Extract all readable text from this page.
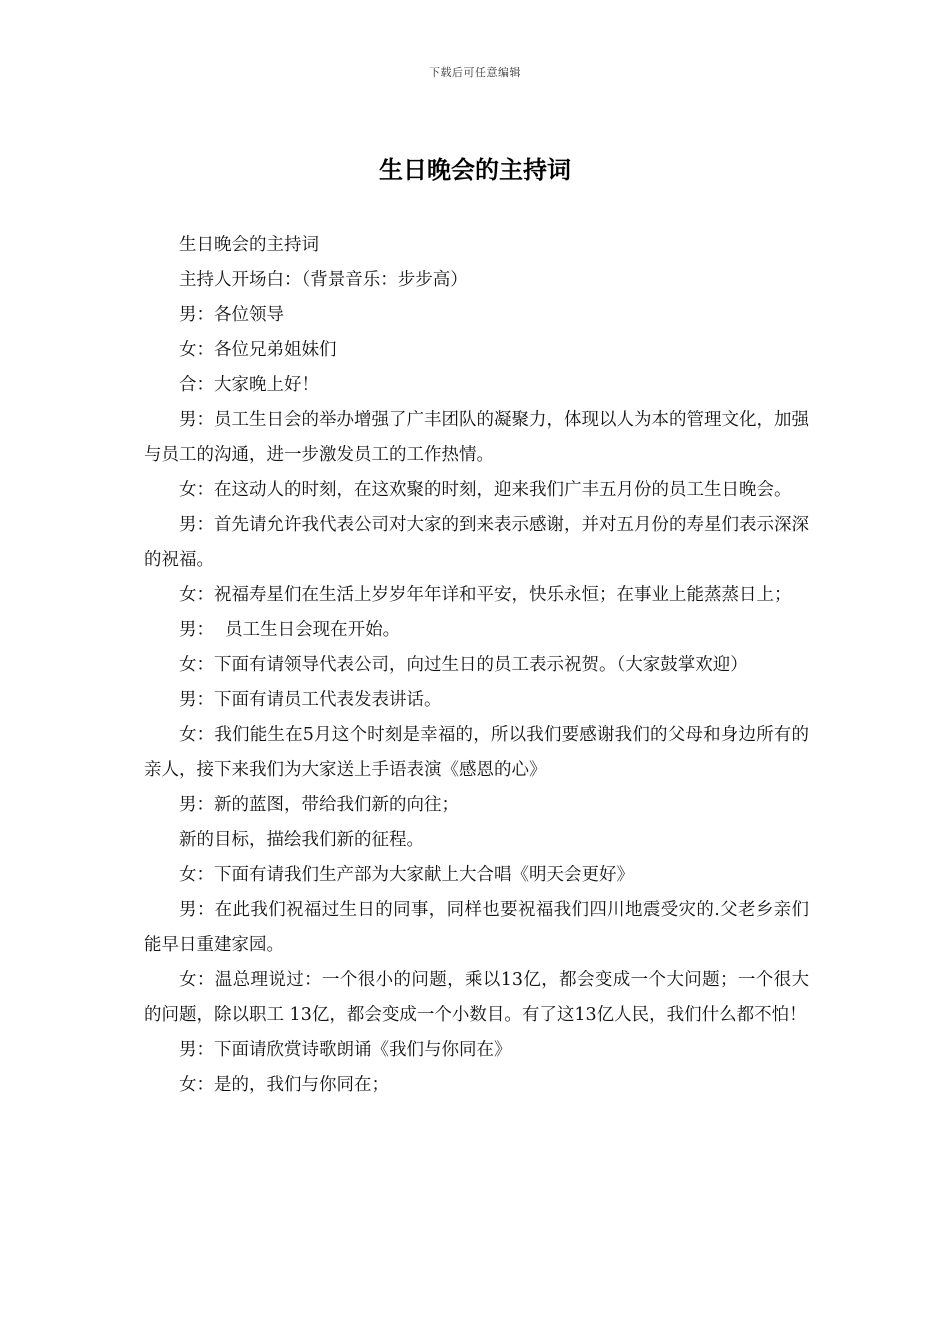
下载后可任意编辑
生日晚会的主持词

生日晚会的主持词

主持人开场白：（背景音乐：步步高）

男：各位领导

女：各位兄弟姐妹们

合：大家晚上好！

男：员工生日会的举办增强了广丰团队的凝聚力，体现以人为本的管理文化，加强与员工的沟通，进一步激发员工的工作热情。

女：在这动人的时刻，在这欢聚的时刻，迎来我们广丰五月份的员工生日晚会。

男：首先请允许我代表公司对大家的到来表示感谢，并对五月份的寿星们表示深深的祝福。

女：祝福寿星们在生活上岁岁年年详和平安，快乐永恒；在事业上能蒸蒸日上；

男：  员工生日会现在开始。

女：下面有请领导代表公司，向过生日的员工表示祝贺。（大家鼓掌欢迎）

男：下面有请员工代表发表讲话。

女：我们能生在5月这个时刻是幸福的，所以我们要感谢我们的父母和身边所有的亲人，接下来我们为大家送上手语表演《感恩的心》

男：新的蓝图，带给我们新的向往；

新的目标，描绘我们新的征程。

女：下面有请我们生产部为大家献上大合唱《明天会更好》

男：在此我们祝福过生日的同事，同样也要祝福我们四川地震受灾的.父老乡亲们能早日重建家园。

女：温总理说过：一个很小的问题，乘以13亿，都会变成一个大问题；一个很大的问题，除以职工 13亿，都会变成一个小数目。有了这13亿人民，我们什么都不怕！

男：下面请欣赏诗歌朗诵《我们与你同在》

女：是的，我们与你同在；
